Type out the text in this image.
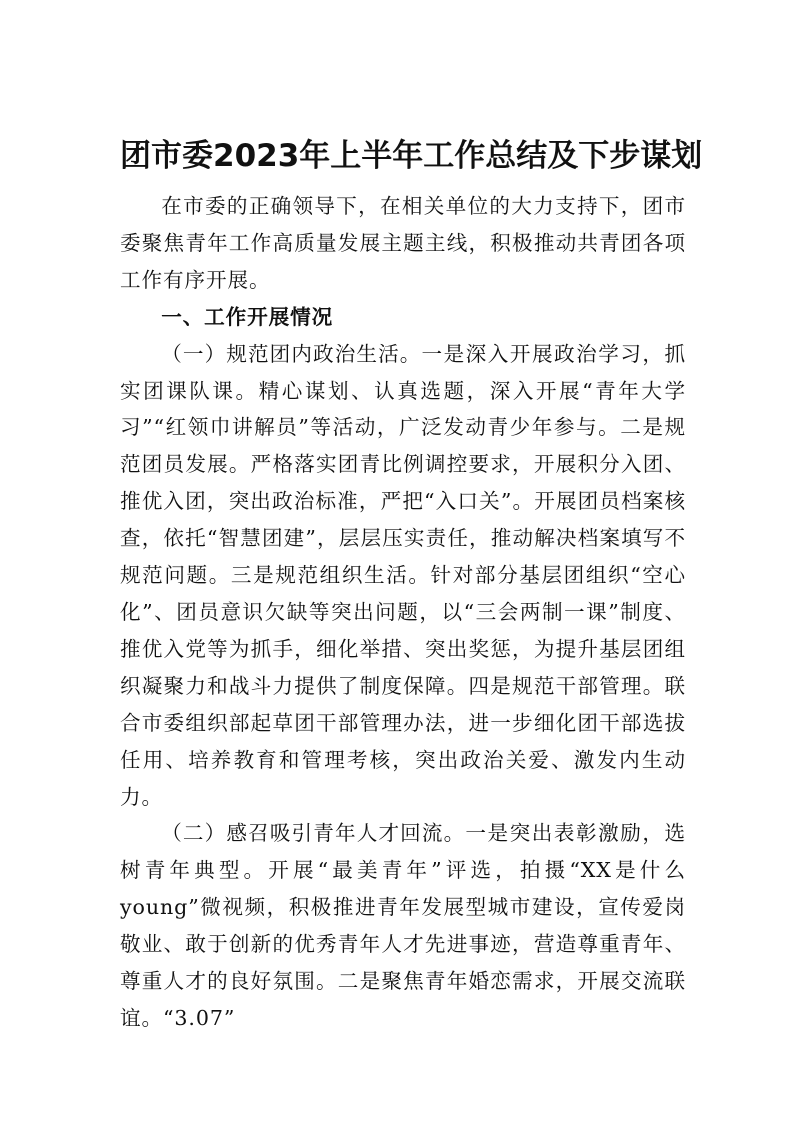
团市委2023年上半年工作总结及下步谋划

在市委的正确领导下，在相关单位的大力支持下，团市委聚焦青年工作高质量发展主题主线，积极推动共青团各项工作有序开展。

一、工作开展情况

（一）规范团内政治生活。一是深入开展政治学习，抓实团课队课。精心谋划、认真选题，深入开展“青年大学习”“红领巾讲解员”等活动，广泛发动青少年参与。二是规范团员发展。严格落实团青比例调控要求，开展积分入团、推优入团，突出政治标准，严把“入口关”。开展团员档案核查，依托“智慧团建”，层层压实责任，推动解决档案填写不规范问题。三是规范组织生活。针对部分基层团组织“空心化”、团员意识欠缺等突出问题，以“三会两制一课”制度、推优入党等为抓手，细化举措、突出奖惩，为提升基层团组织凝聚力和战斗力提供了制度保障。四是规范干部管理。联合市委组织部起草团干部管理办法，进一步细化团干部选拔任用、培养教育和管理考核，突出政治关爱、激发内生动力。

（二）感召吸引青年人才回流。一是突出表彰激励，选树青年典型。开展“最美青年”评选，拍摄“XX是什么young”微视频，积极推进青年发展型城市建设，宣传爱岗敬业、敢于创新的优秀青年人才先进事迹，营造尊重青年、尊重人才的良好氛围。二是聚焦青年婚恋需求，开展交流联谊。“3.07”
